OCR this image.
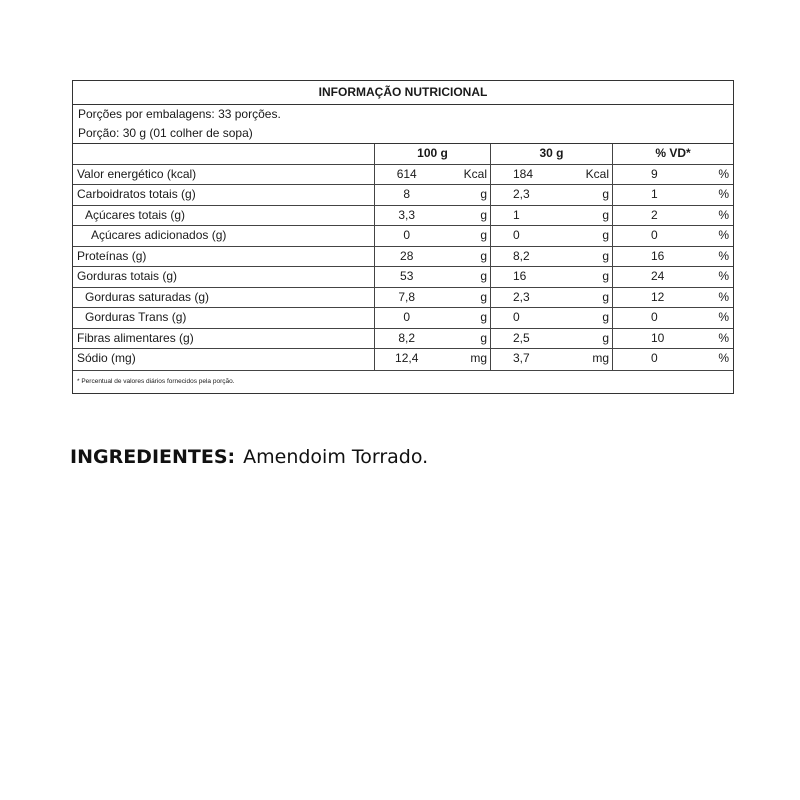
INFORMAÇÃO NUTRICIONAL
Porções por embalagens: 33 porções.
Porção: 30 g (01 colher de sopa)
100 g	30 g	% VD*
Valor energético (kcal)	614	Kcal	184	Kcal	9	%
Carboidratos totais (g)	8	g	2,3	g	1	%
Açúcares totais (g)	3,3	g	1	g	2	%
Açúcares adicionados (g)	0	g	0	g	0	%
Proteínas (g)	28	g	8,2	g	16	%
Gorduras totais (g)	53	g	16	g	24	%
Gorduras saturadas (g)	7,8	g	2,3	g	12	%
Gorduras Trans (g)	0	g	0	g	0	%
Fibras alimentares (g)	8,2	g	2,5	g	10	%
Sódio (mg)	12,4	mg	3,7	mg	0	%
* Percentual de valores diários fornecidos pela porção.
INGREDIENTES: Amendoim Torrado.
